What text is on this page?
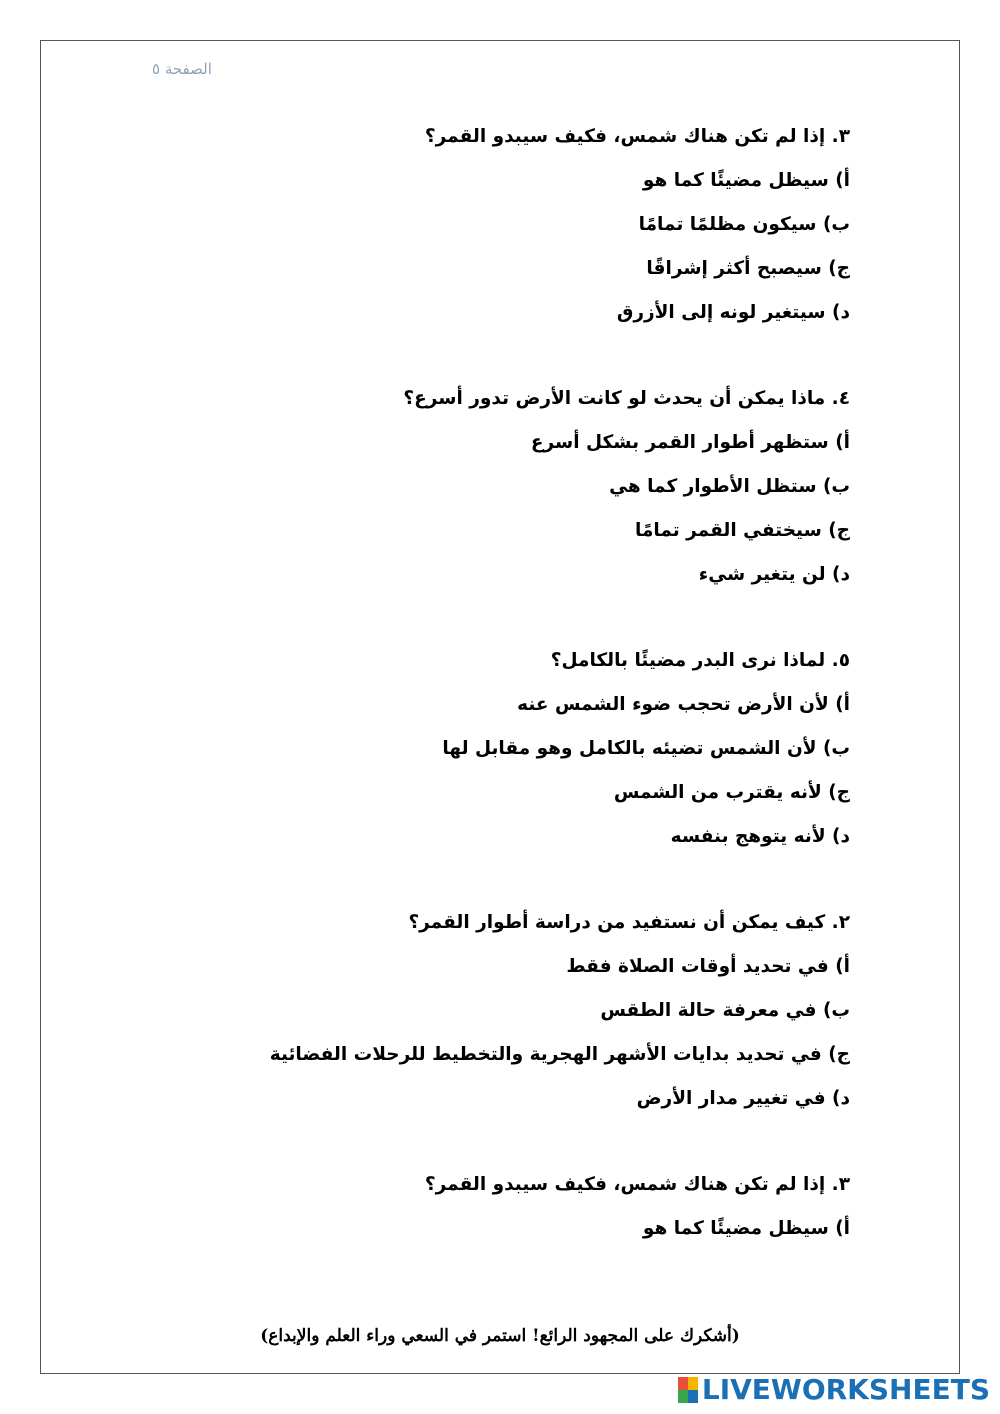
الصفحة ٥
٣. إذا لم تكن هناك شمس، فكيف سيبدو القمر؟
أ) سيظل مضيئًا كما هو
ب) سيكون مظلمًا تمامًا
ج) سيصبح أكثر إشراقًا
د) سيتغير لونه إلى الأزرق
٤. ماذا يمكن أن يحدث لو كانت الأرض تدور أسرع؟
أ) ستظهر أطوار القمر بشكل أسرع
ب) ستظل الأطوار كما هي
ج) سيختفي القمر تمامًا
د) لن يتغير شيء
٥. لماذا نرى البدر مضيئًا بالكامل؟
أ) لأن الأرض تحجب ضوء الشمس عنه
ب) لأن الشمس تضيئه بالكامل وهو مقابل لها
ج) لأنه يقترب من الشمس
د) لأنه يتوهج بنفسه
٢. كيف يمكن أن نستفيد من دراسة أطوار القمر؟
أ) في تحديد أوقات الصلاة فقط
ب) في معرفة حالة الطقس
ج) في تحديد بدايات الأشهر الهجرية والتخطيط للرحلات الفضائية
د) في تغيير مدار الأرض
٣. إذا لم تكن هناك شمس، فكيف سيبدو القمر؟
أ) سيظل مضيئًا كما هو
(أشكرك على المجهود الرائع! استمر في السعي وراء العلم والإبداع)
LIVEWORKSHEETS
